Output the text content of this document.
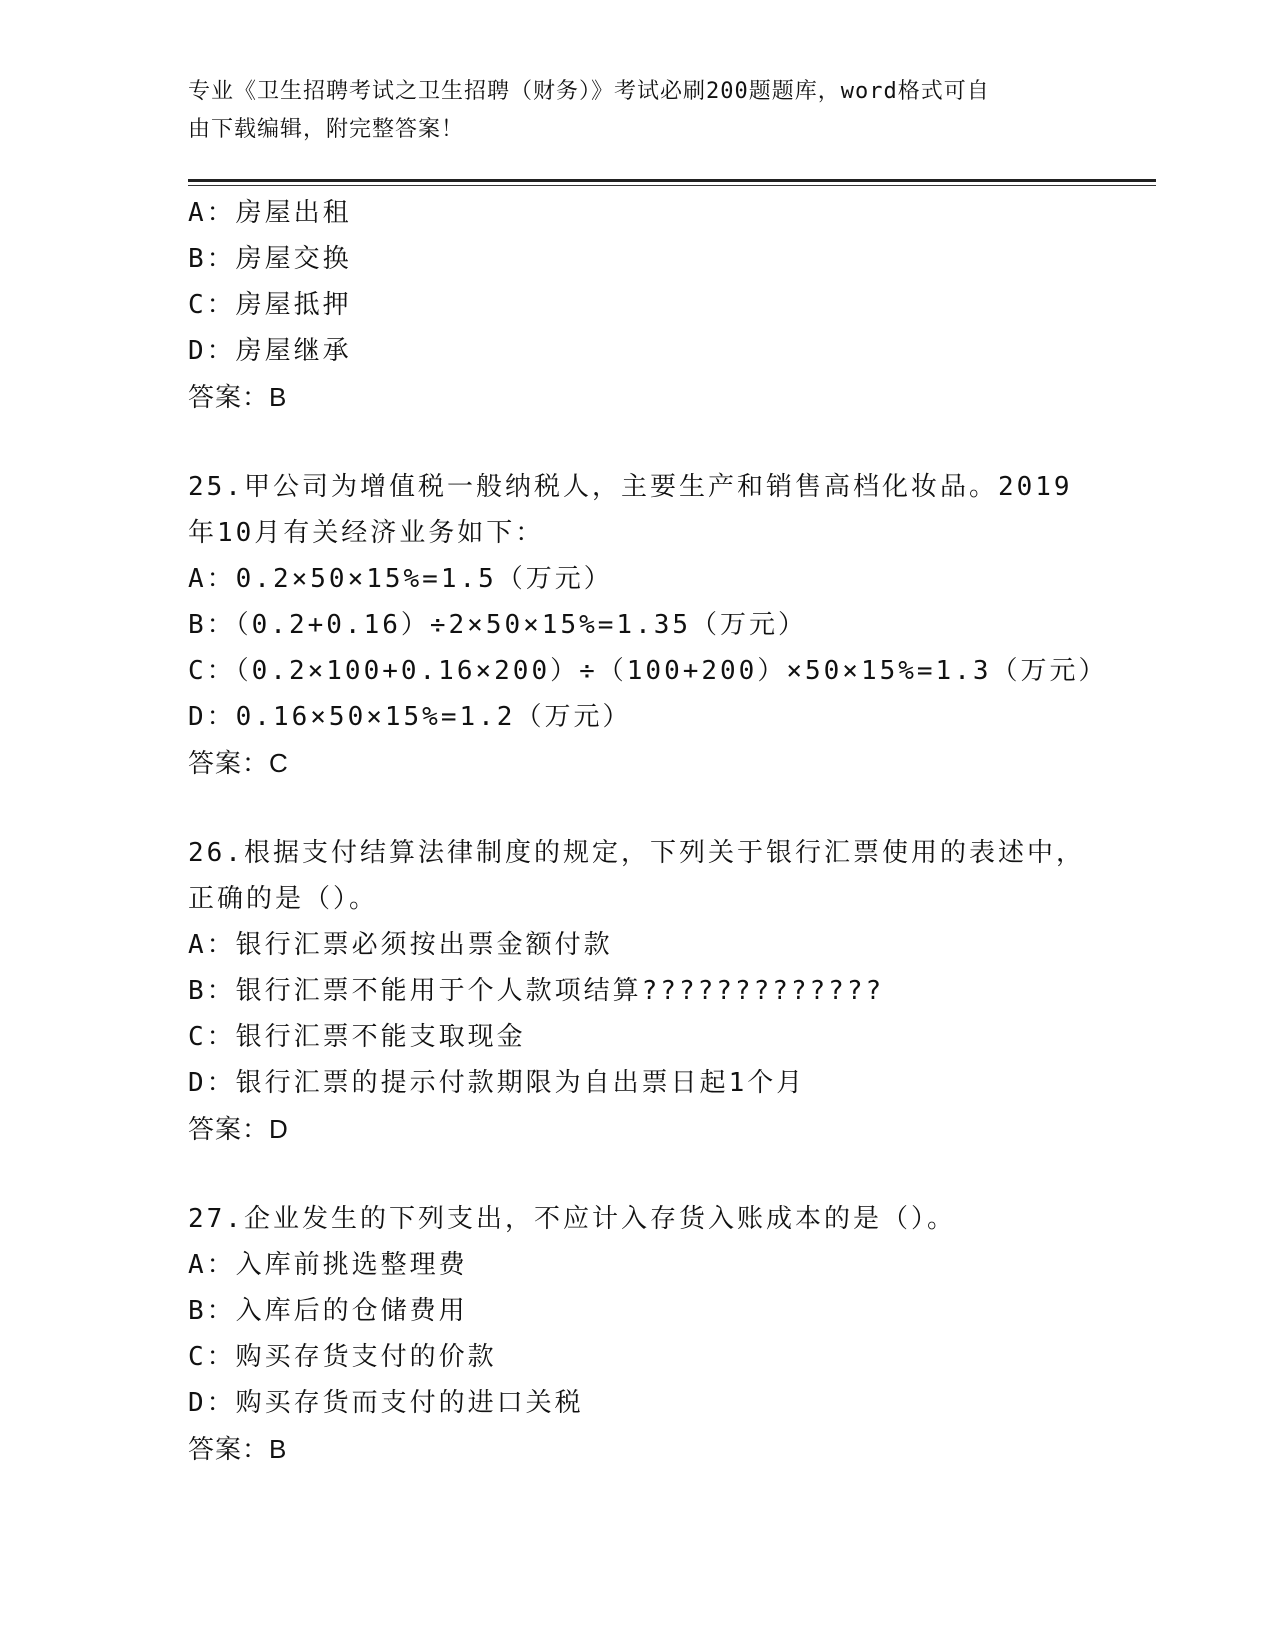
专业《卫生招聘考试之卫生招聘（财务）》考试必刷200题题库，word格式可自
由下载编辑，附完整答案！
A：房屋出租
B：房屋交换
C：房屋抵押
D：房屋继承
答案：B
25.甲公司为增值税一般纳税人，主要生产和销售高档化妆品。2019
年10月有关经济业务如下：
A：0.2×50×15%=1.5（万元）
B：（0.2+0.16）÷2×50×15%=1.35（万元）
C：（0.2×100+0.16×200）÷（100+200）×50×15%=1.3（万元）
D：0.16×50×15%=1.2（万元）
答案：C
26.根据支付结算法律制度的规定，下列关于银行汇票使用的表述中，
正确的是（）。
A：银行汇票必须按出票金额付款
B：银行汇票不能用于个人款项结算?????????????
C：银行汇票不能支取现金
D：银行汇票的提示付款期限为自出票日起1个月
答案：D
27.企业发生的下列支出，不应计入存货入账成本的是（）。
A：入库前挑选整理费
B：入库后的仓储费用
C：购买存货支付的价款
D：购买存货而支付的进口关税
答案：B
